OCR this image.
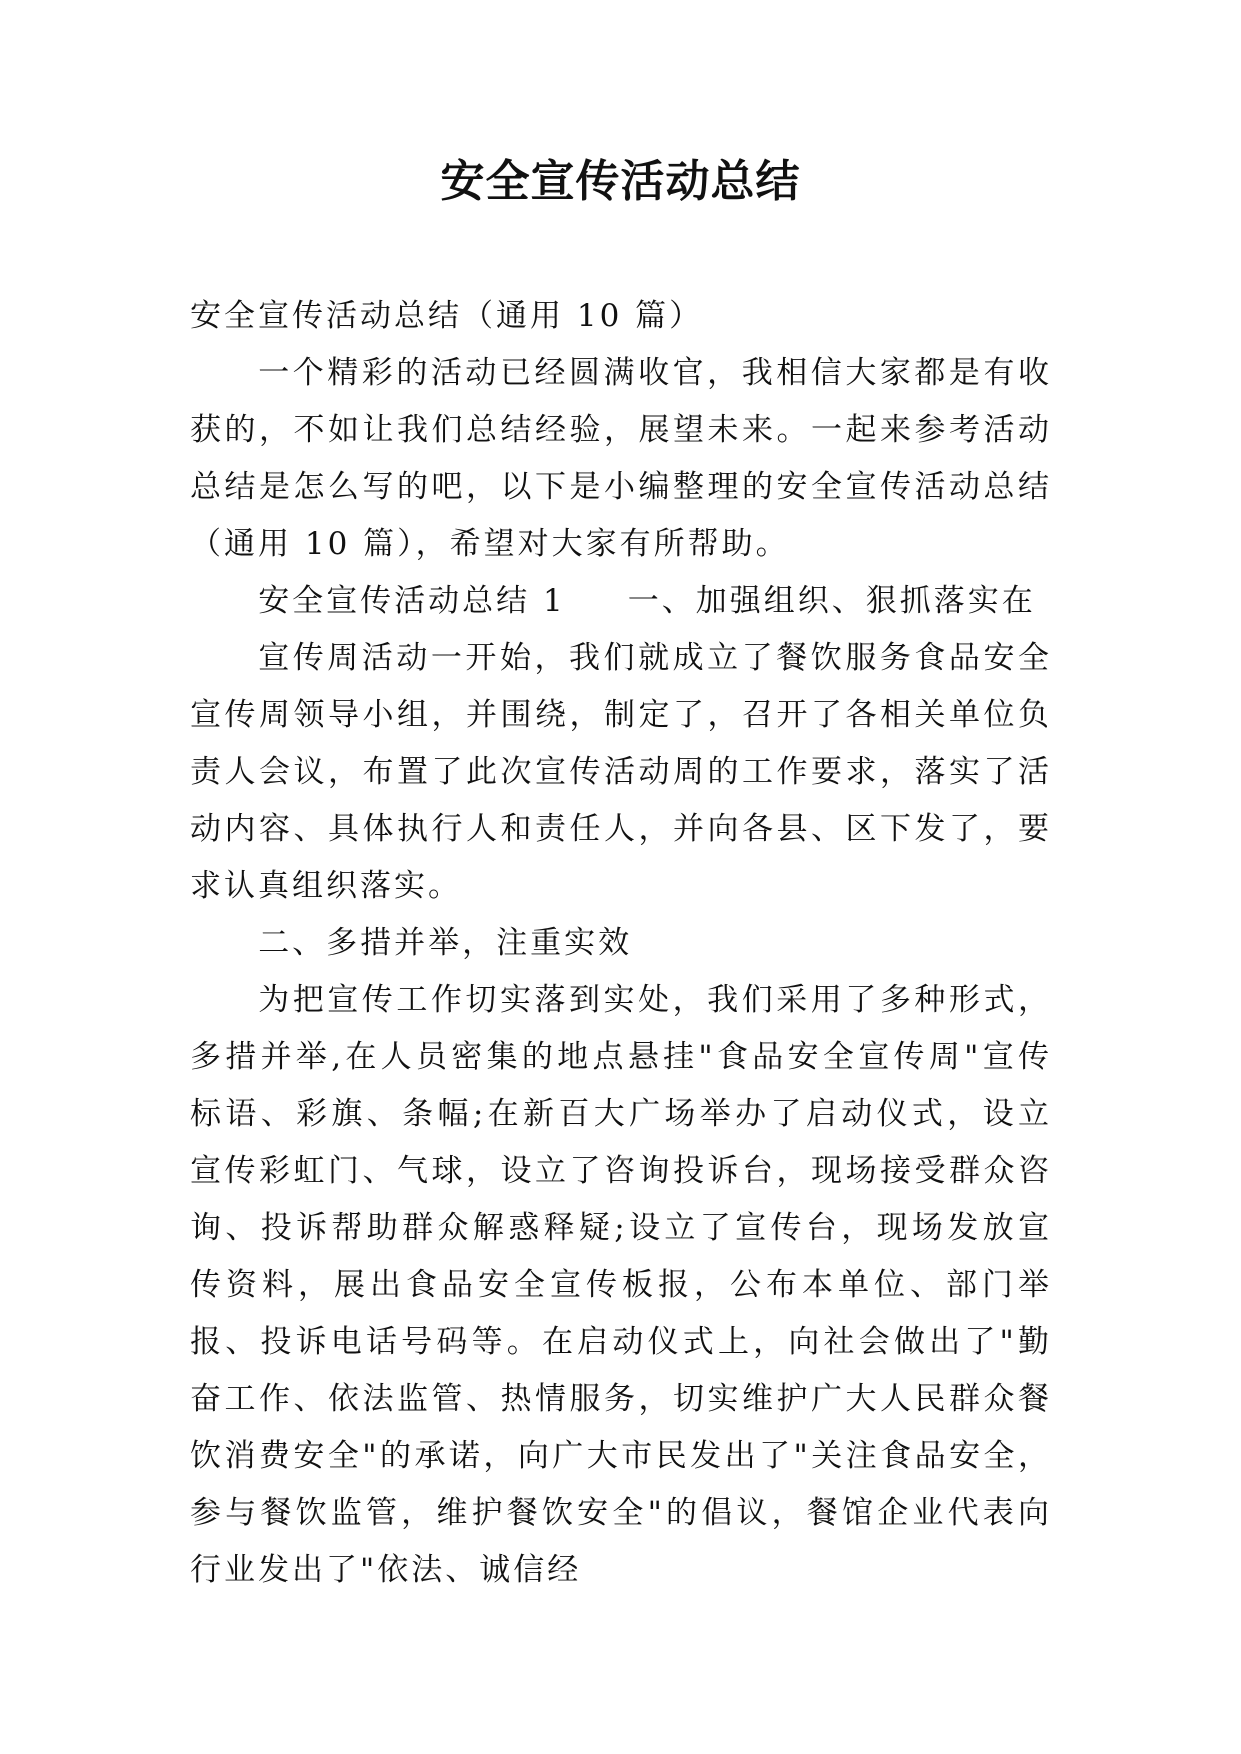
安全宣传活动总结

安全宣传活动总结（通用 10 篇）

一个精彩的活动已经圆满收官，我相信大家都是有收获的，不如让我们总结经验，展望未来。一起来参考活动总结是怎么写的吧，以下是小编整理的安全宣传活动总结（通用 10 篇），希望对大家有所帮助。

安全宣传活动总结 1 一、加强组织、狠抓落实在

宣传周活动一开始，我们就成立了餐饮服务食品安全宣传周领导小组，并围绕，制定了，召开了各相关单位负责人会议，布置了此次宣传活动周的工作要求，落实了活动内容、具体执行人和责任人，并向各县、区下发了，要求认真组织落实。

二、多措并举，注重实效

为把宣传工作切实落到实处，我们采用了多种形式，多措并举,在人员密集的地点悬挂"食品安全宣传周"宣传标语、彩旗、条幅;在新百大广场举办了启动仪式，设立宣传彩虹门、气球，设立了咨询投诉台，现场接受群众咨询、投诉帮助群众解惑释疑;设立了宣传台，现场发放宣传资料，展出食品安全宣传板报，公布本单位、部门举报、投诉电话号码等。在启动仪式上，向社会做出了"勤奋工作、依法监管、热情服务，切实维护广大人民群众餐饮消费安全"的承诺，向广大市民发出了"关注食品安全，参与餐饮监管，维护餐饮安全"的倡议，餐馆企业代表向行业发出了"依法、诚信经
